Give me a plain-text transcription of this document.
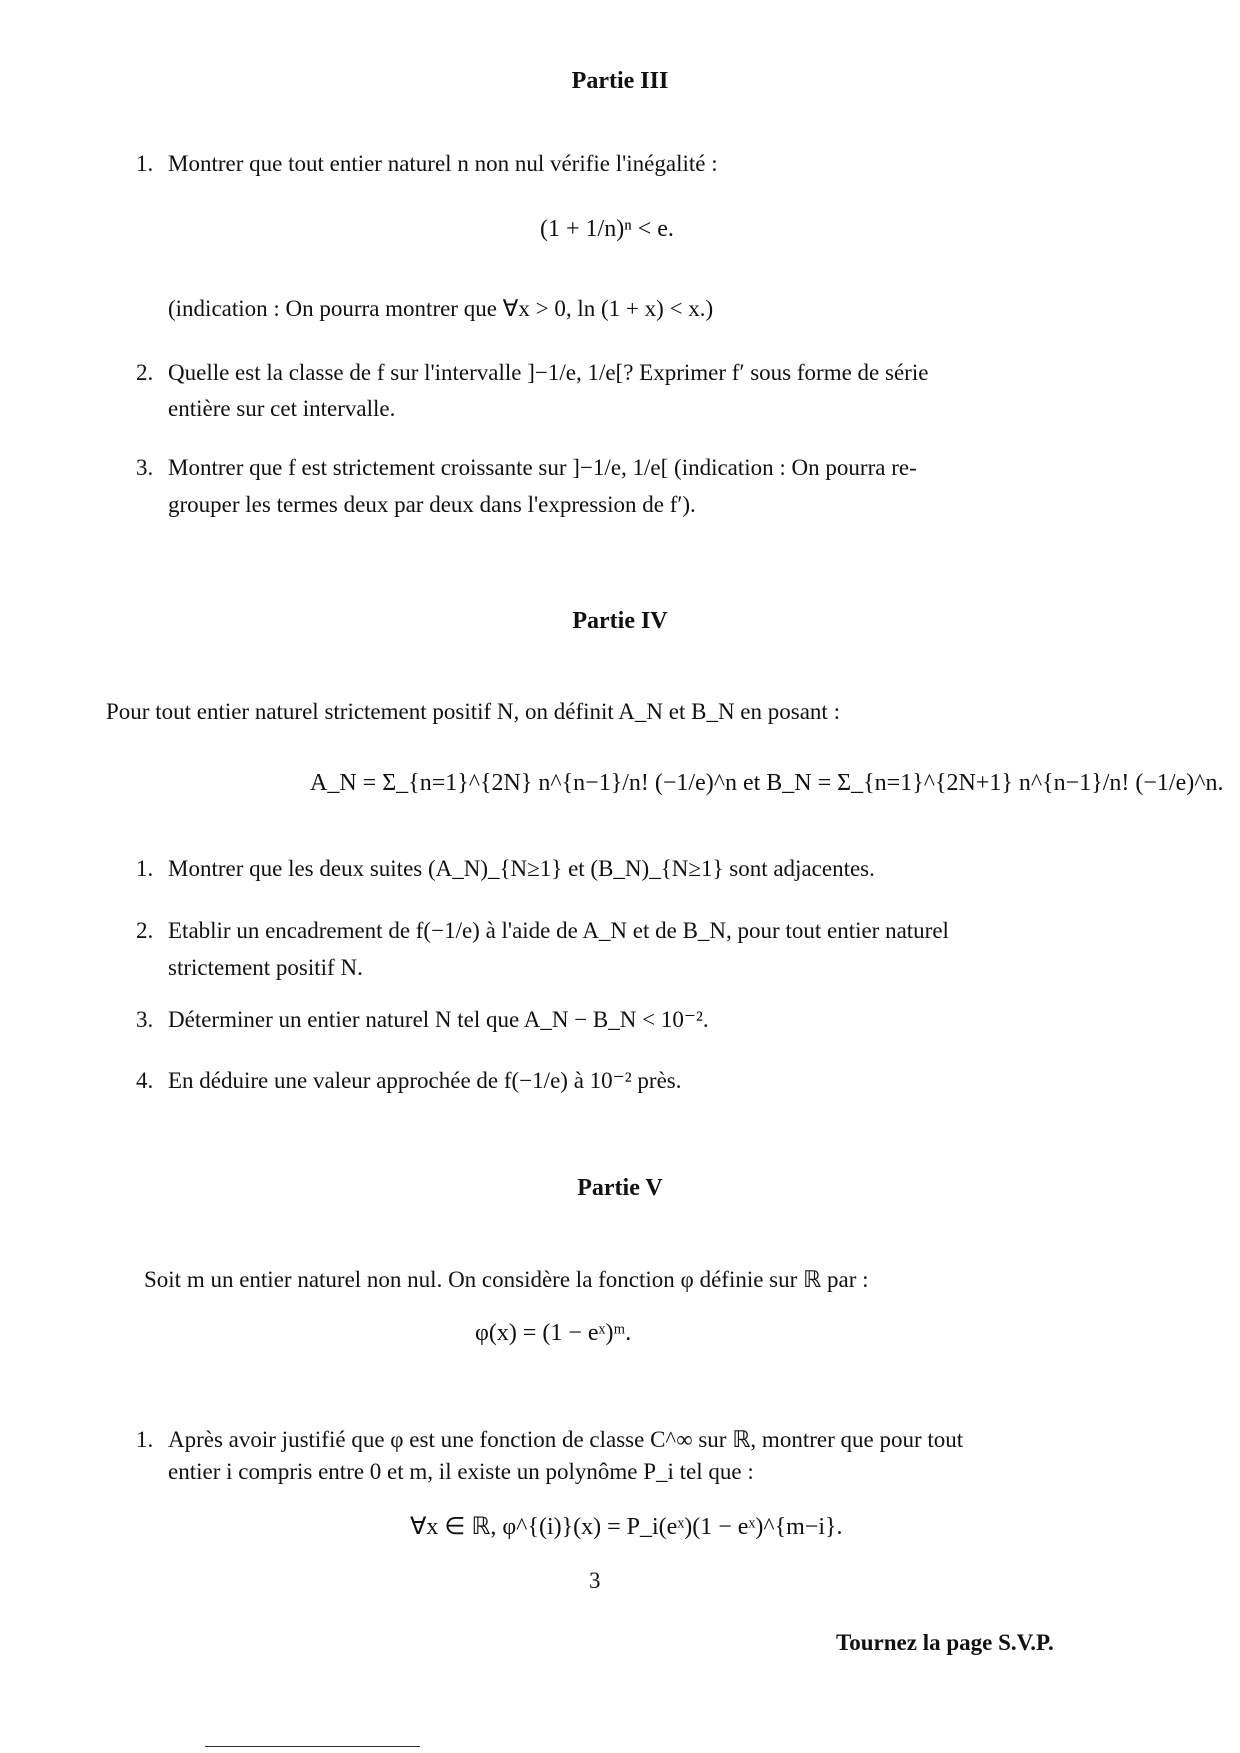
Partie III
1. Montrer que tout entier naturel n non nul vérifie l'inégalité :
(1 + 1/n)ⁿ < e.
(indication : On pourra montrer que ∀x > 0, ln (1 + x) < x.)
2. Quelle est la classe de f sur l'intervalle ]−1/e, 1/e[? Exprimer f′ sous forme de série
entière sur cet intervalle.
3. Montrer que f est strictement croissante sur ]−1/e, 1/e[ (indication : On pourra re-
grouper les termes deux par deux dans l'expression de f′).
Partie IV
Pour tout entier naturel strictement positif N, on définit A_N et B_N en posant :
A_N = Σ_{n=1}^{2N} n^{n−1}/n! (−1/e)^n et B_N = Σ_{n=1}^{2N+1} n^{n−1}/n! (−1/e)^n.
1. Montrer que les deux suites (A_N)_{N≥1} et (B_N)_{N≥1} sont adjacentes.
2. Etablir un encadrement de f(−1/e) à l'aide de A_N et de B_N, pour tout entier naturel
strictement positif N.
3. Déterminer un entier naturel N tel que A_N − B_N < 10⁻².
4. En déduire une valeur approchée de f(−1/e) à 10⁻² près.
Partie V
Soit m un entier naturel non nul. On considère la fonction φ définie sur ℝ par :
φ(x) = (1 − eˣ)ᵐ.
1. Après avoir justifié que φ est une fonction de classe C^∞ sur ℝ, montrer que pour tout
entier i compris entre 0 et m, il existe un polynôme P_i tel que :
∀x ∈ ℝ, φ^{(i)}(x) = P_i(eˣ)(1 − eˣ)^{m−i}.
3
Tournez la page S.V.P.
